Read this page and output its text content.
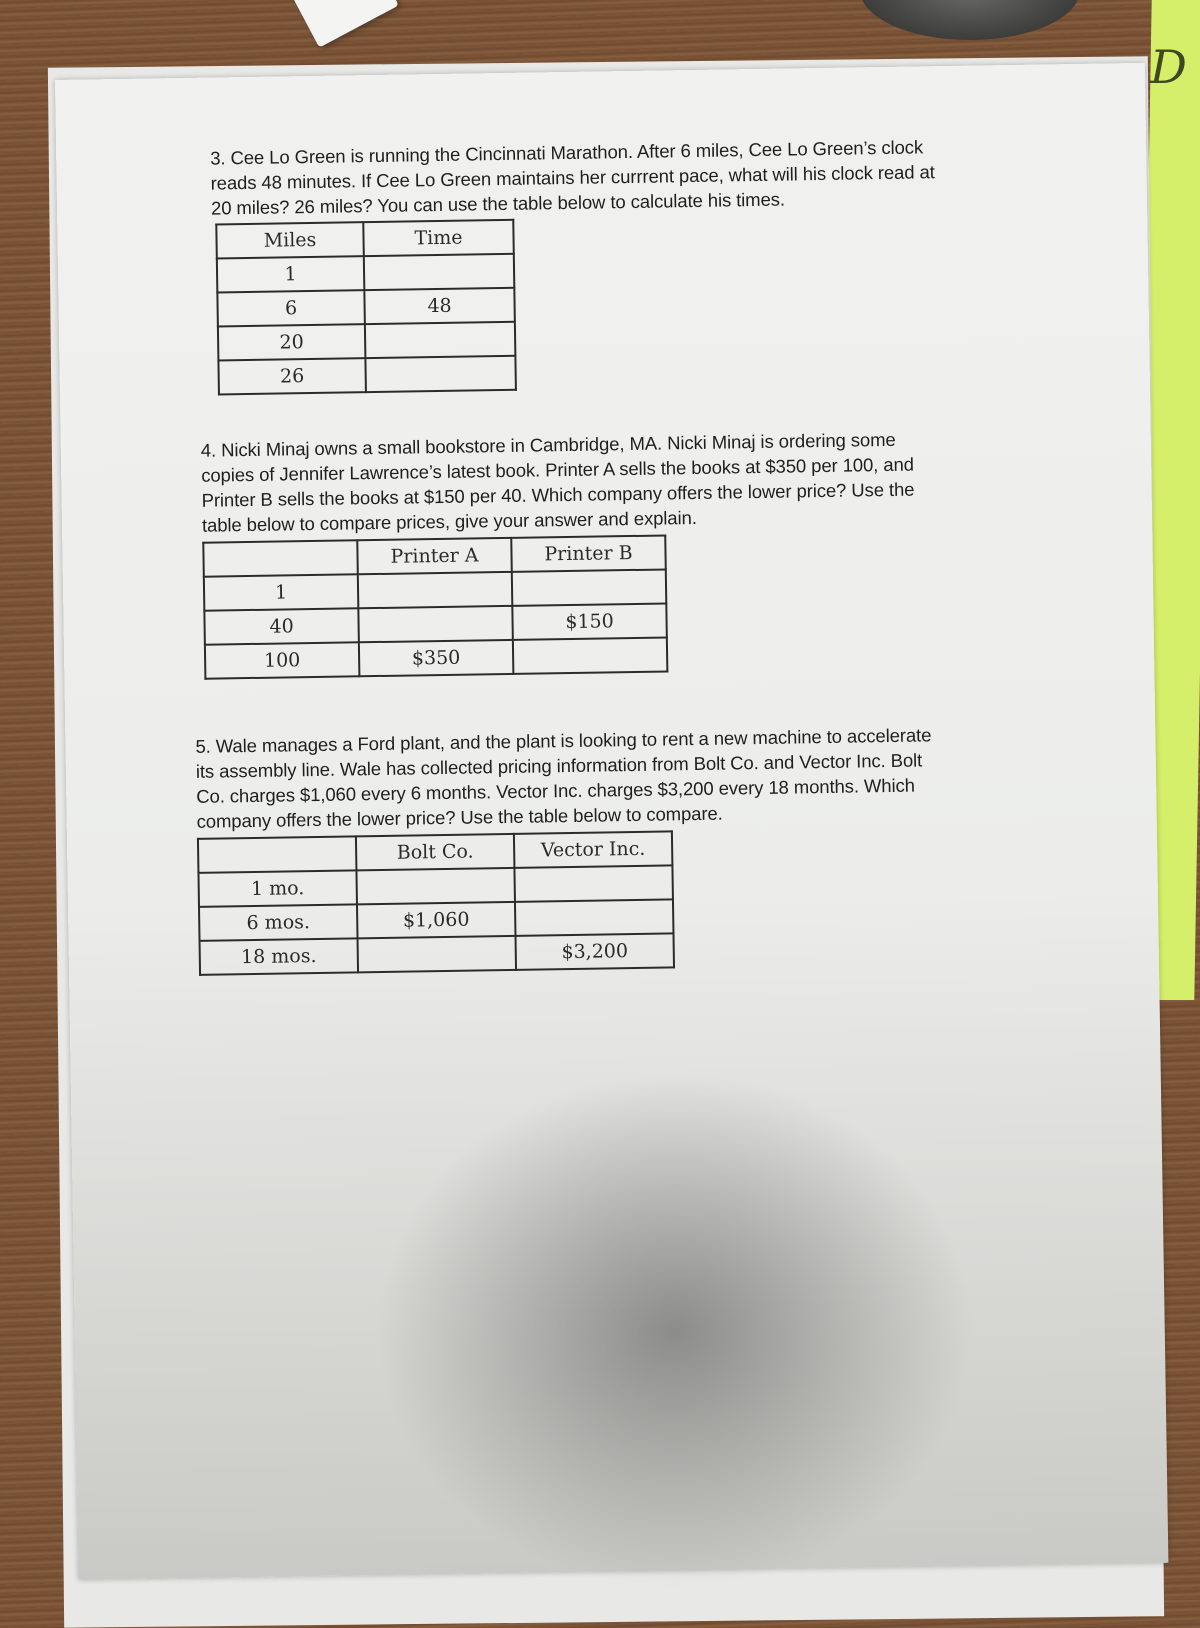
D
3. Cee Lo Green is running the Cincinnati Marathon. After 6 miles, Cee Lo Green’s clock
reads 48 minutes. If Cee Lo Green maintains her currrent pace, what will his clock read at
20 miles? 26 miles? You can use the table below to calculate his times.
Miles	Time
1	
6	48
20	
26	
4. Nicki Minaj owns a small bookstore in Cambridge, MA. Nicki Minaj is ordering some
copies of Jennifer Lawrence’s latest book. Printer A sells the books at $350 per 100, and
Printer B sells the books at $150 per 40. Which company offers the lower price? Use the
table below to compare prices, give your answer and explain.
	Printer A	Printer B
1		
40		$150
100	$350	
5. Wale manages a Ford plant, and the plant is looking to rent a new machine to accelerate
its assembly line. Wale has collected pricing information from Bolt Co. and Vector Inc. Bolt
Co. charges $1,060 every 6 months. Vector Inc. charges $3,200 every 18 months. Which
company offers the lower price? Use the table below to compare.
	Bolt Co.	Vector Inc.
1 mo.		
6 mos.	$1,060	
18 mos.		$3,200
